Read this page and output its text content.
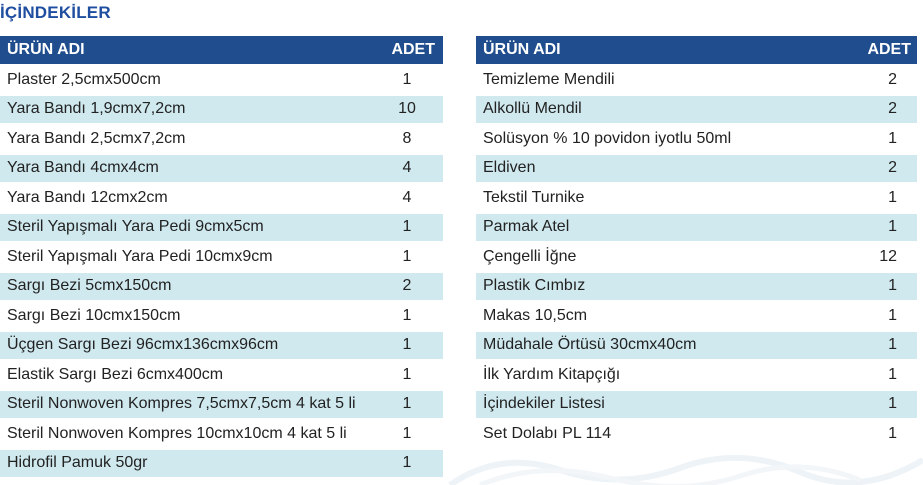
İÇİNDEKİLER
ÜRÜN ADI	ADET
Plaster 2,5cmx500cm	1
Yara Bandı 1,9cmx7,2cm	10
Yara Bandı 2,5cmx7,2cm	8
Yara Bandı 4cmx4cm	4
Yara Bandı 12cmx2cm	4
Steril Yapışmalı Yara Pedi 9cmx5cm	1
Steril Yapışmalı Yara Pedi 10cmx9cm	1
Sargı Bezi 5cmx150cm	2
Sargı Bezi 10cmx150cm	1
Üçgen Sargı Bezi 96cmx136cmx96cm	1
Elastik Sargı Bezi 6cmx400cm	1
Steril Nonwoven Kompres 7,5cmx7,5cm 4 kat 5 li	1
Steril Nonwoven Kompres 10cmx10cm 4 kat 5 li	1
Hidrofil Pamuk 50gr	1
ÜRÜN ADI	ADET
Temizleme Mendili	2
Alkollü Mendil	2
Solüsyon % 10 povidon iyotlu 50ml	1
Eldiven	2
Tekstil Turnike	1
Parmak Atel	1
Çengelli İğne	12
Plastik Cımbız	1
Makas 10,5cm	1
Müdahale Örtüsü 30cmx40cm	1
İlk Yardım Kitapçığı	1
İçindekiler Listesi	1
Set Dolabı PL 114	1
